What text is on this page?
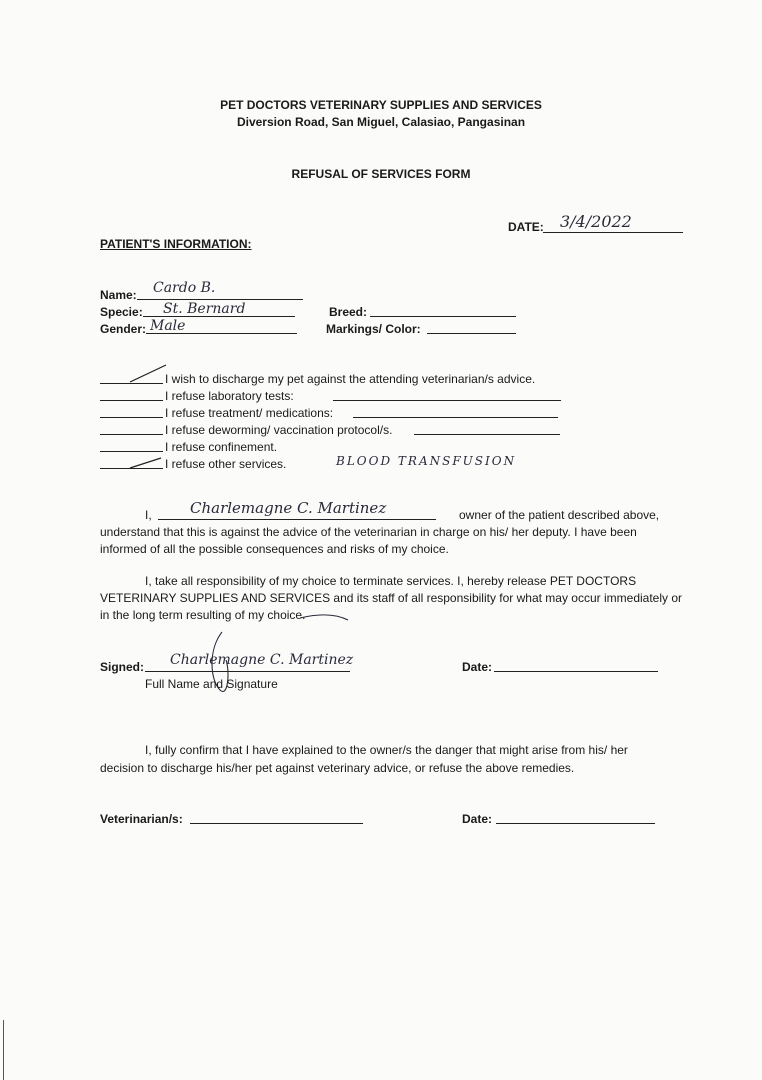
PET DOCTORS VETERINARY SUPPLIES AND SERVICES
Diversion Road, San Miguel, Calasiao, Pangasinan
REFUSAL OF SERVICES FORM
DATE: 3/4/2022
PATIENT'S INFORMATION:
Name: Cardo B.
Specie: St. Bernard	Breed:
Gender: Male	Markings/ Color:
I wish to discharge my pet against the attending veterinarian/s advice.
I refuse laboratory tests:
I refuse treatment/ medications:
I refuse deworming/ vaccination protocol/s.
I refuse confinement.
I refuse other services.	BLOOD TRANSFUSION
I,	Charlemagne C. Martinez	owner of the patient described above,
understand that this is against the advice of the veterinarian in charge on his/ her deputy. I have been
informed of all the possible consequences and risks of my choice.
I, take all responsibility of my choice to terminate services. I, hereby release PET DOCTORS
VETERINARY SUPPLIES AND SERVICES and its staff of all responsibility for what may occur immediately or
in the long term resulting of my choice.
Signed: Charlemagne C. Martinez
Full Name and Signature
Date:
I, fully confirm that I have explained to the owner/s the danger that might arise from his/ her
decision to discharge his/her pet against veterinary advice, or refuse the above remedies.
Veterinarian/s:	Date:
